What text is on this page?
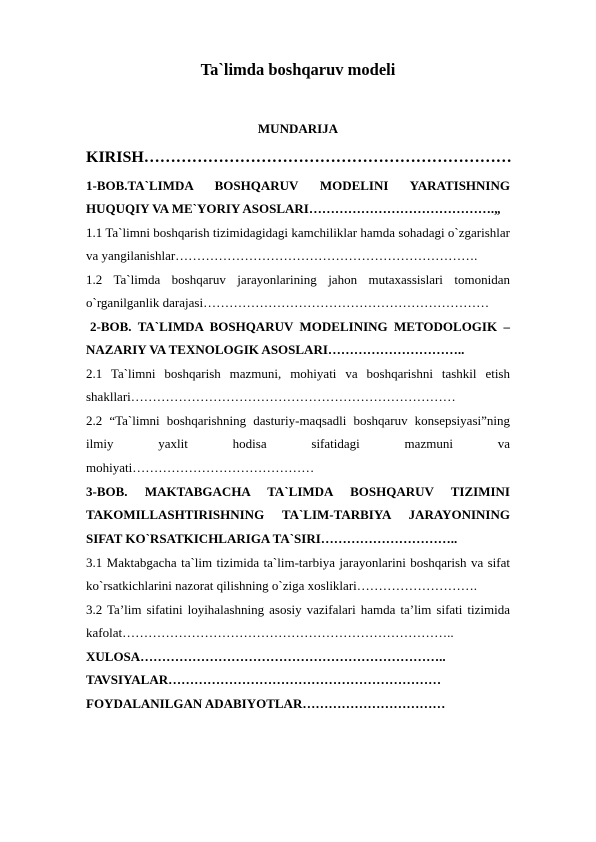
Ta`limda boshqaruv modeli
MUNDARIJA
KIRISH……………………………………………………………
1-BOB.TA`LIMDA BOSHQARUV MODELINI YARATISHNING
HUQUQIY VA ME`YORIY ASOSLARI…………………………………….„
1.1 Ta`limni boshqarish tizimidagidagi kamchiliklar hamda sohadagi o`zgarishlar
va yangilanishlar…………………………………………………………….
1.2 Ta`limda boshqaruv jarayonlarining jahon mutaxassislari tomonidan
o`rganilganlik darajasi…………………………………………………………
2-BOB. TA`LIMDA BOSHQARUV MODELINING METODOLOGIK –
NAZARIY VA TEXNOLOGIK ASOSLARI…………………………..
2.1 Ta`limni boshqarish mazmuni, mohiyati va boshqarishni tashkil etish
shakllari…………………………………………………………………
2.2 “Ta`limni boshqarishning dasturiy-maqsadli boshqaruv konsepsiyasi”ning
ilmiy yaxlit hodisa sifatidagi mazmuni va
mohiyati……………………………………
3-BOB. MAKTABGACHA TA`LIMDA BOSHQARUV TIZIMINI
TAKOMILLASHTIRISHNING TA`LIM-TARBIYA JARAYONINING
SIFAT KO`RSATKICHLARIGA TA`SIRI…………………………..
3.1 Maktabgacha ta`lim tizimida ta`lim-tarbiya jarayonlarini boshqarish va sifat
ko`rsatkichlarini nazorat qilishning o`ziga xosliklari……………………….
3.2 Ta’lim sifatini loyihalashning asosiy vazifalari hamda ta’lim sifati tizimida
kafolat…………………………………………………………………..
XULOSA……………………………………………………………..
TAVSIYALAR………………………………………………………
FOYDALANILGAN ADABIYOTLAR……………………………
